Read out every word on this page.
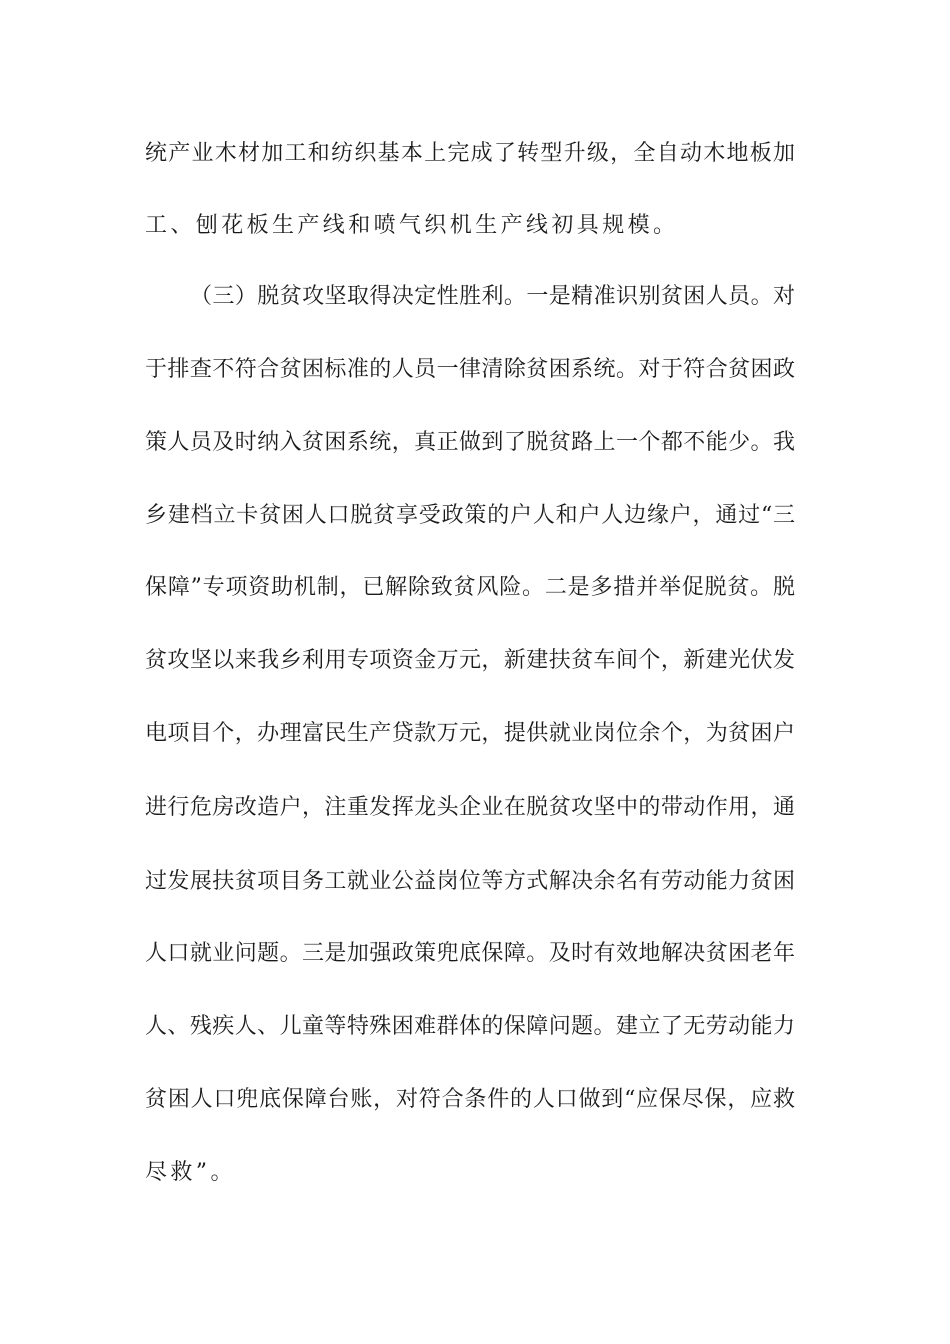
统产业木材加工和纺织基本上完成了转型升级，全自动木地板加
工、刨花板生产线和喷气织机生产线初具规模。
（三）脱贫攻坚取得决定性胜利。一是精准识别贫困人员。对
于排查不符合贫困标准的人员一律清除贫困系统。对于符合贫困政
策人员及时纳入贫困系统，真正做到了脱贫路上一个都不能少。我
乡建档立卡贫困人口脱贫享受政策的户人和户人边缘户，通过“三
保障”专项资助机制，已解除致贫风险。二是多措并举促脱贫。脱
贫攻坚以来我乡利用专项资金万元，新建扶贫车间个，新建光伏发
电项目个，办理富民生产贷款万元，提供就业岗位余个，为贫困户
进行危房改造户，注重发挥龙头企业在脱贫攻坚中的带动作用，通
过发展扶贫项目务工就业公益岗位等方式解决余名有劳动能力贫困
人口就业问题。三是加强政策兜底保障。及时有效地解决贫困老年
人、残疾人、儿童等特殊困难群体的保障问题。建立了无劳动能力
贫困人口兜底保障台账，对符合条件的人口做到“应保尽保，应救
尽救”。
